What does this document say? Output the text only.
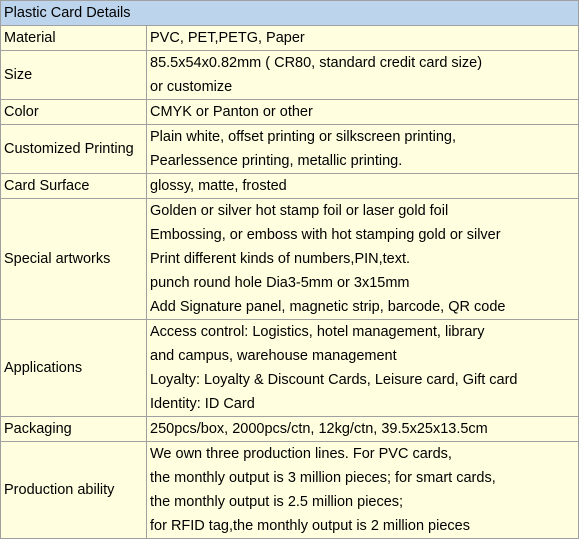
Plastic Card Details	
Material	PVC, PET,PETG, Paper

Size	85.5x54x0.82mm ( CR80, standard credit card size)
or customize

Color	CMYK or Panton or other

Customized Printing	Plain white, offset printing or silkscreen printing,
Pearlessence printing, metallic printing.

Card Surface	glossy, matte, frosted

Special artworks	Golden or silver hot stamp foil or laser gold foil
Embossing, or emboss with hot stamping gold or silver
Print different kinds of numbers,PIN,text.
punch round hole Dia3-5mm or 3x15mm
Add Signature panel, magnetic strip, barcode, QR code

Applications	Access control: Logistics, hotel management, library
and campus, warehouse management
Loyalty: Loyalty & Discount Cards, Leisure card, Gift card
Identity: ID Card

Packaging	250pcs/box, 2000pcs/ctn, 12kg/ctn, 39.5x25x13.5cm

Production ability	We own three production lines. For PVC cards,
the monthly output is 3 million pieces; for smart cards,
the monthly output is 2.5 million pieces;
for RFID tag,the monthly output is 2 million pieces
